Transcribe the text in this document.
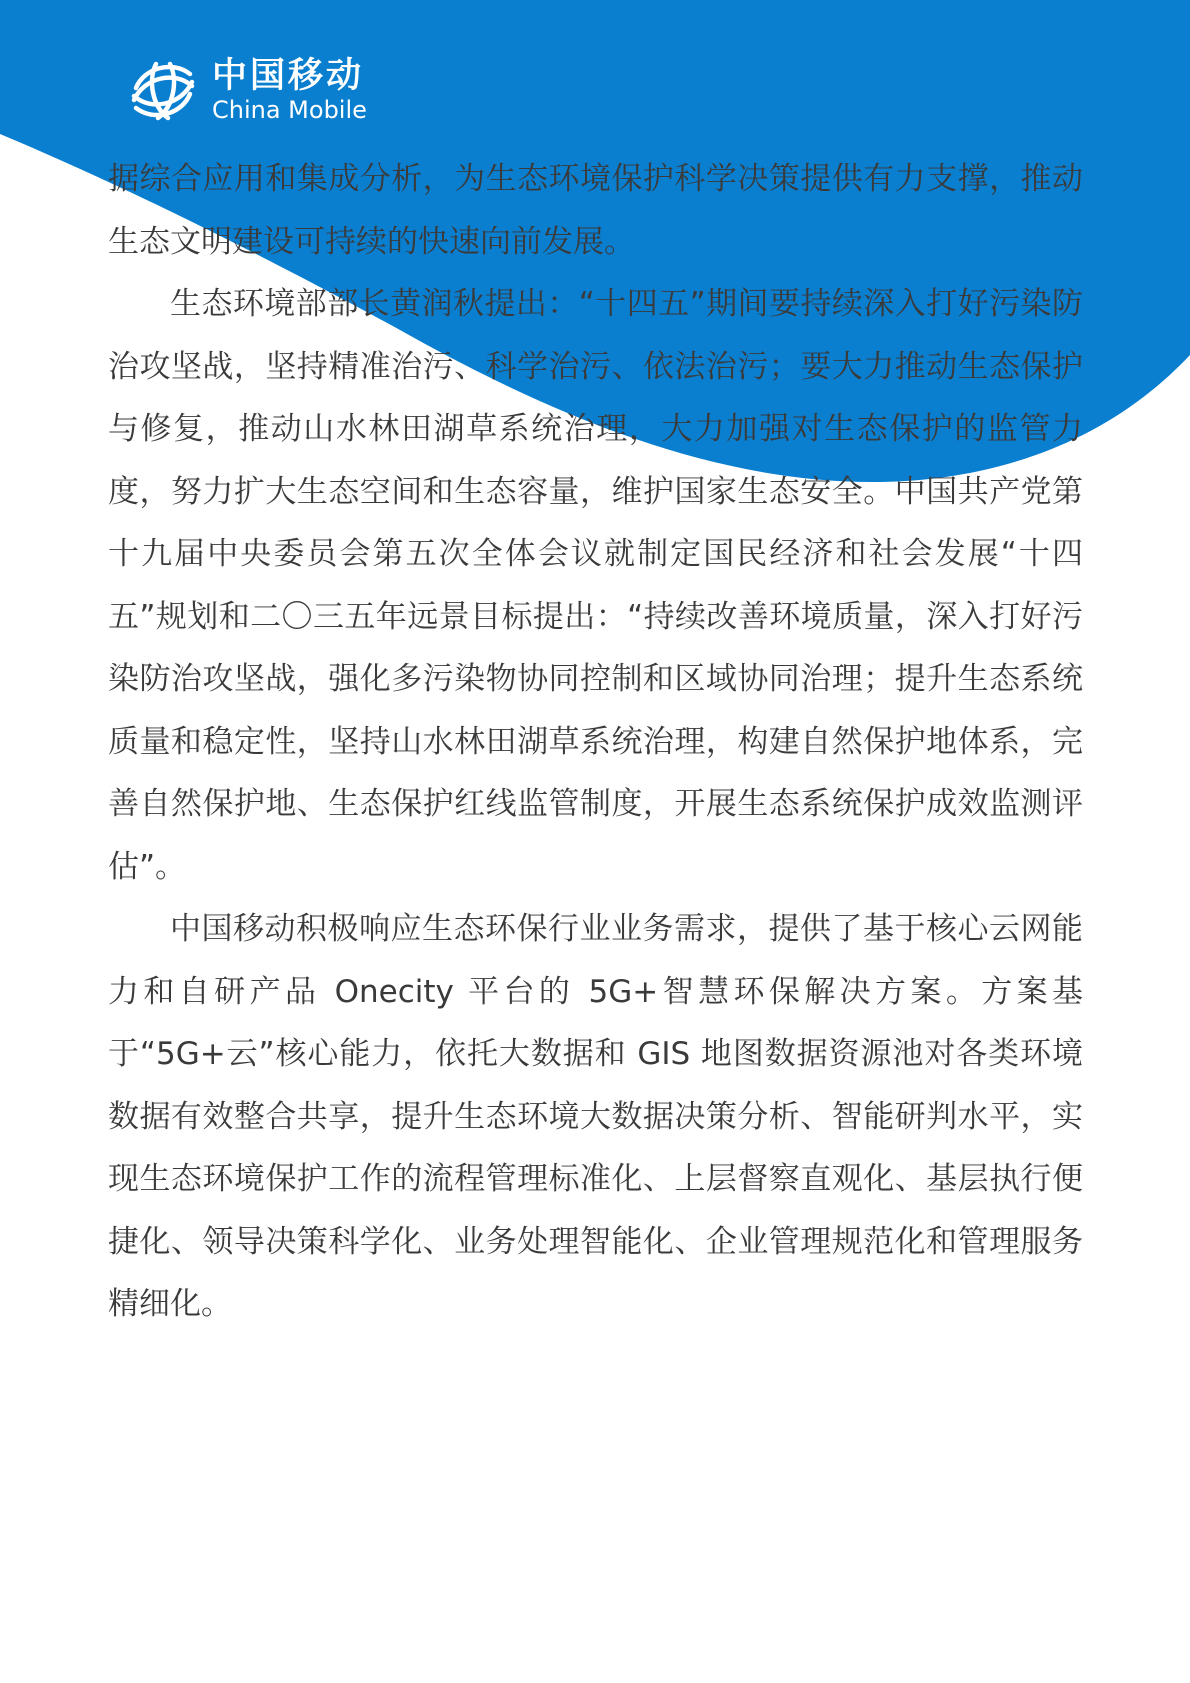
中国移动
China Mobile

据综合应用和集成分析，为生态环境保护科学决策提供有力支撑，推动生态文明建设可持续的快速向前发展。

生态环境部部长黄润秋提出：“十四五”期间要持续深入打好污染防治攻坚战，坚持精准治污、科学治污、依法治污；要大力推动生态保护与修复，推动山水林田湖草系统治理，大力加强对生态保护的监管力度，努力扩大生态空间和生态容量，维护国家生态安全。中国共产党第十九届中央委员会第五次全体会议就制定国民经济和社会发展“十四五”规划和二〇三五年远景目标提出：“持续改善环境质量，深入打好污染防治攻坚战，强化多污染物协同控制和区域协同治理；提升生态系统质量和稳定性，坚持山水林田湖草系统治理，构建自然保护地体系，完善自然保护地、生态保护红线监管制度，开展生态系统保护成效监测评估”。

中国移动积极响应生态环保行业业务需求，提供了基于核心云网能力和自研产品 Onecity 平台的 5G+智慧环保解决方案。方案基于“5G+云”核心能力，依托大数据和 GIS 地图数据资源池对各类环境数据有效整合共享，提升生态环境大数据决策分析、智能研判水平，实现生态环境保护工作的流程管理标准化、上层督察直观化、基层执行便捷化、领导决策科学化、业务处理智能化、企业管理规范化和管理服务精细化。
